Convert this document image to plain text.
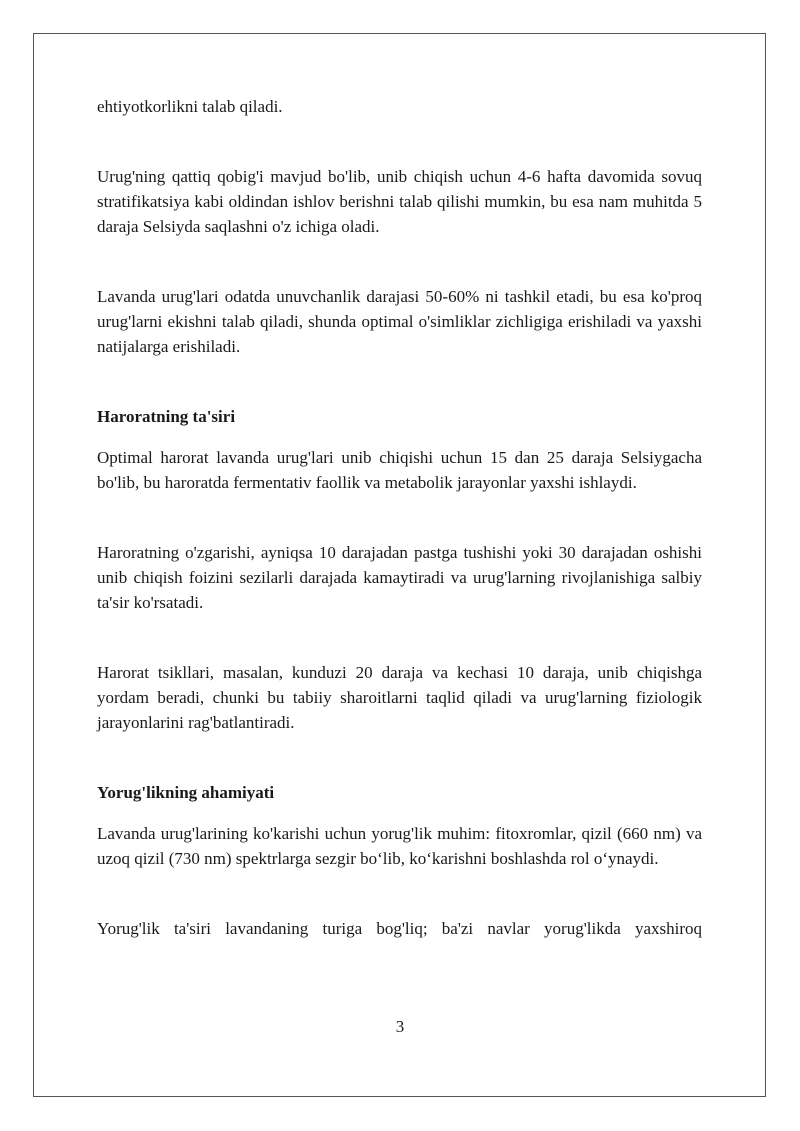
ehtiyotkorlikni talab qiladi.

Urug'ning qattiq qobig'i mavjud bo'lib, unib chiqish uchun 4-6 hafta davomida sovuq stratifikatsiya kabi oldindan ishlov berishni talab qilishi mumkin, bu esa nam muhitda 5 daraja Selsiyda saqlashni o'z ichiga oladi.

Lavanda urug'lari odatda unuvchanlik darajasi 50-60% ni tashkil etadi, bu esa ko'proq urug'larni ekishni talab qiladi, shunda optimal o'simliklar zichligiga erishiladi va yaxshi natijalarga erishiladi.

Haroratning ta'siri

Optimal harorat lavanda urug'lari unib chiqishi uchun 15 dan 25 daraja Selsiygacha bo'lib, bu haroratda fermentativ faollik va metabolik jarayonlar yaxshi ishlaydi.

Haroratning o'zgarishi, ayniqsa 10 darajadan pastga tushishi yoki 30 darajadan oshishi unib chiqish foizini sezilarli darajada kamaytiradi va urug'larning rivojlanishiga salbiy ta'sir ko'rsatadi.

Harorat tsikllari, masalan, kunduzi 20 daraja va kechasi 10 daraja, unib chiqishga yordam beradi, chunki bu tabiiy sharoitlarni taqlid qiladi va urug'larning fiziologik jarayonlarini rag'batlantiradi.

Yorug'likning ahamiyati

Lavanda urug'larining ko'karishi uchun yorug'lik muhim: fitoxromlar, qizil (660 nm) va uzoq qizil (730 nm) spektrlarga sezgir bo‘lib, ko‘karishni boshlashda rol o‘ynaydi.

Yorug'lik ta'siri lavandaning turiga bog'liq; ba'zi navlar yorug'likda yaxshiroq

3
